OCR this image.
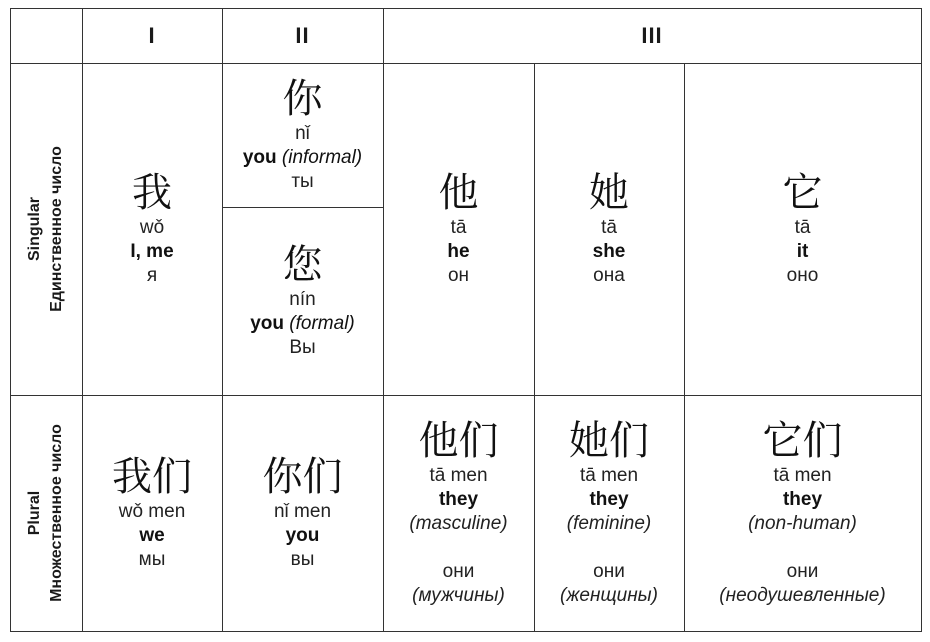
I	II	III
Singular Единственное число
Plural Множественное число
我
wǒ
I, me
я
你
nǐ
you (informal)
ты
您
nín
you (formal)
Вы
他
tā
he
он
她
tā
she
она
它
tā
it
оно
我们
wǒ men
we
мы
你们
nǐ men
you
вы
他们
tā men
they
(masculine)
они
(мужчины)
她们
tā men
they
(feminine)
они
(женщины)
它们
tā men
they
(non-human)
они
(неодушевленные)
